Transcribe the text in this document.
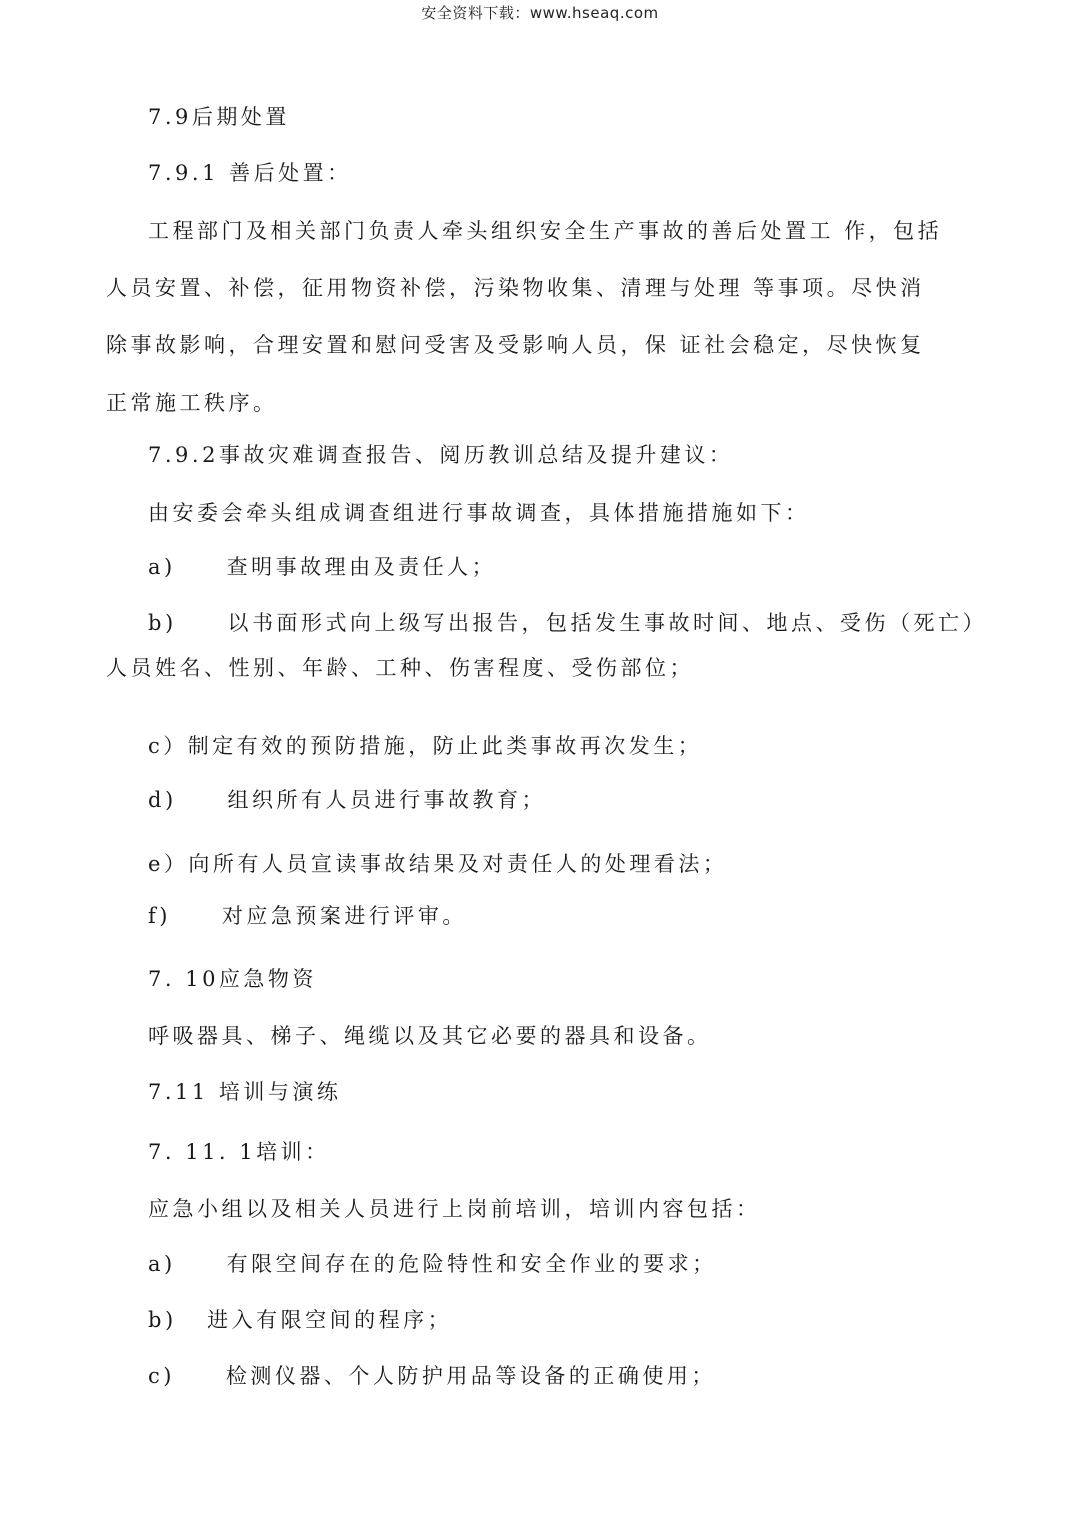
安全资料下载：www.hseaq.com
7.9后期处置
7.9.1 善后处置：
工程部门及相关部门负责人牵头组织安全生产事故的善后处置工 作，包括
人员安置、补偿，征用物资补偿，污染物收集、清理与处理 等事项。尽快消
除事故影响，合理安置和慰问受害及受影响人员，保 证社会稳定，尽快恢复
正常施工秩序。
7.9.2事故灾难调查报告、阅历教训总结及提升建议：
由安委会牵头组成调查组进行事故调查，具体措施措施如下：
a)     查明事故理由及责任人；
b)     以书面形式向上级写出报告，包括发生事故时间、地点、受伤（死亡）
人员姓名、性别、年龄、工种、伤害程度、受伤部位；
c）制定有效的预防措施，防止此类事故再次发生；
d)     组织所有人员进行事故教育；
e）向所有人员宣读事故结果及对责任人的处理看法；
f)     对应急预案进行评审。
7. 10应急物资
呼吸器具、梯子、绳缆以及其它必要的器具和设备。
7.11 培训与演练
7. 11. 1培训：
应急小组以及相关人员进行上岗前培训，培训内容包括：
a)     有限空间存在的危险特性和安全作业的要求；
b)   进入有限空间的程序；
c)     检测仪器、个人防护用品等设备的正确使用；
